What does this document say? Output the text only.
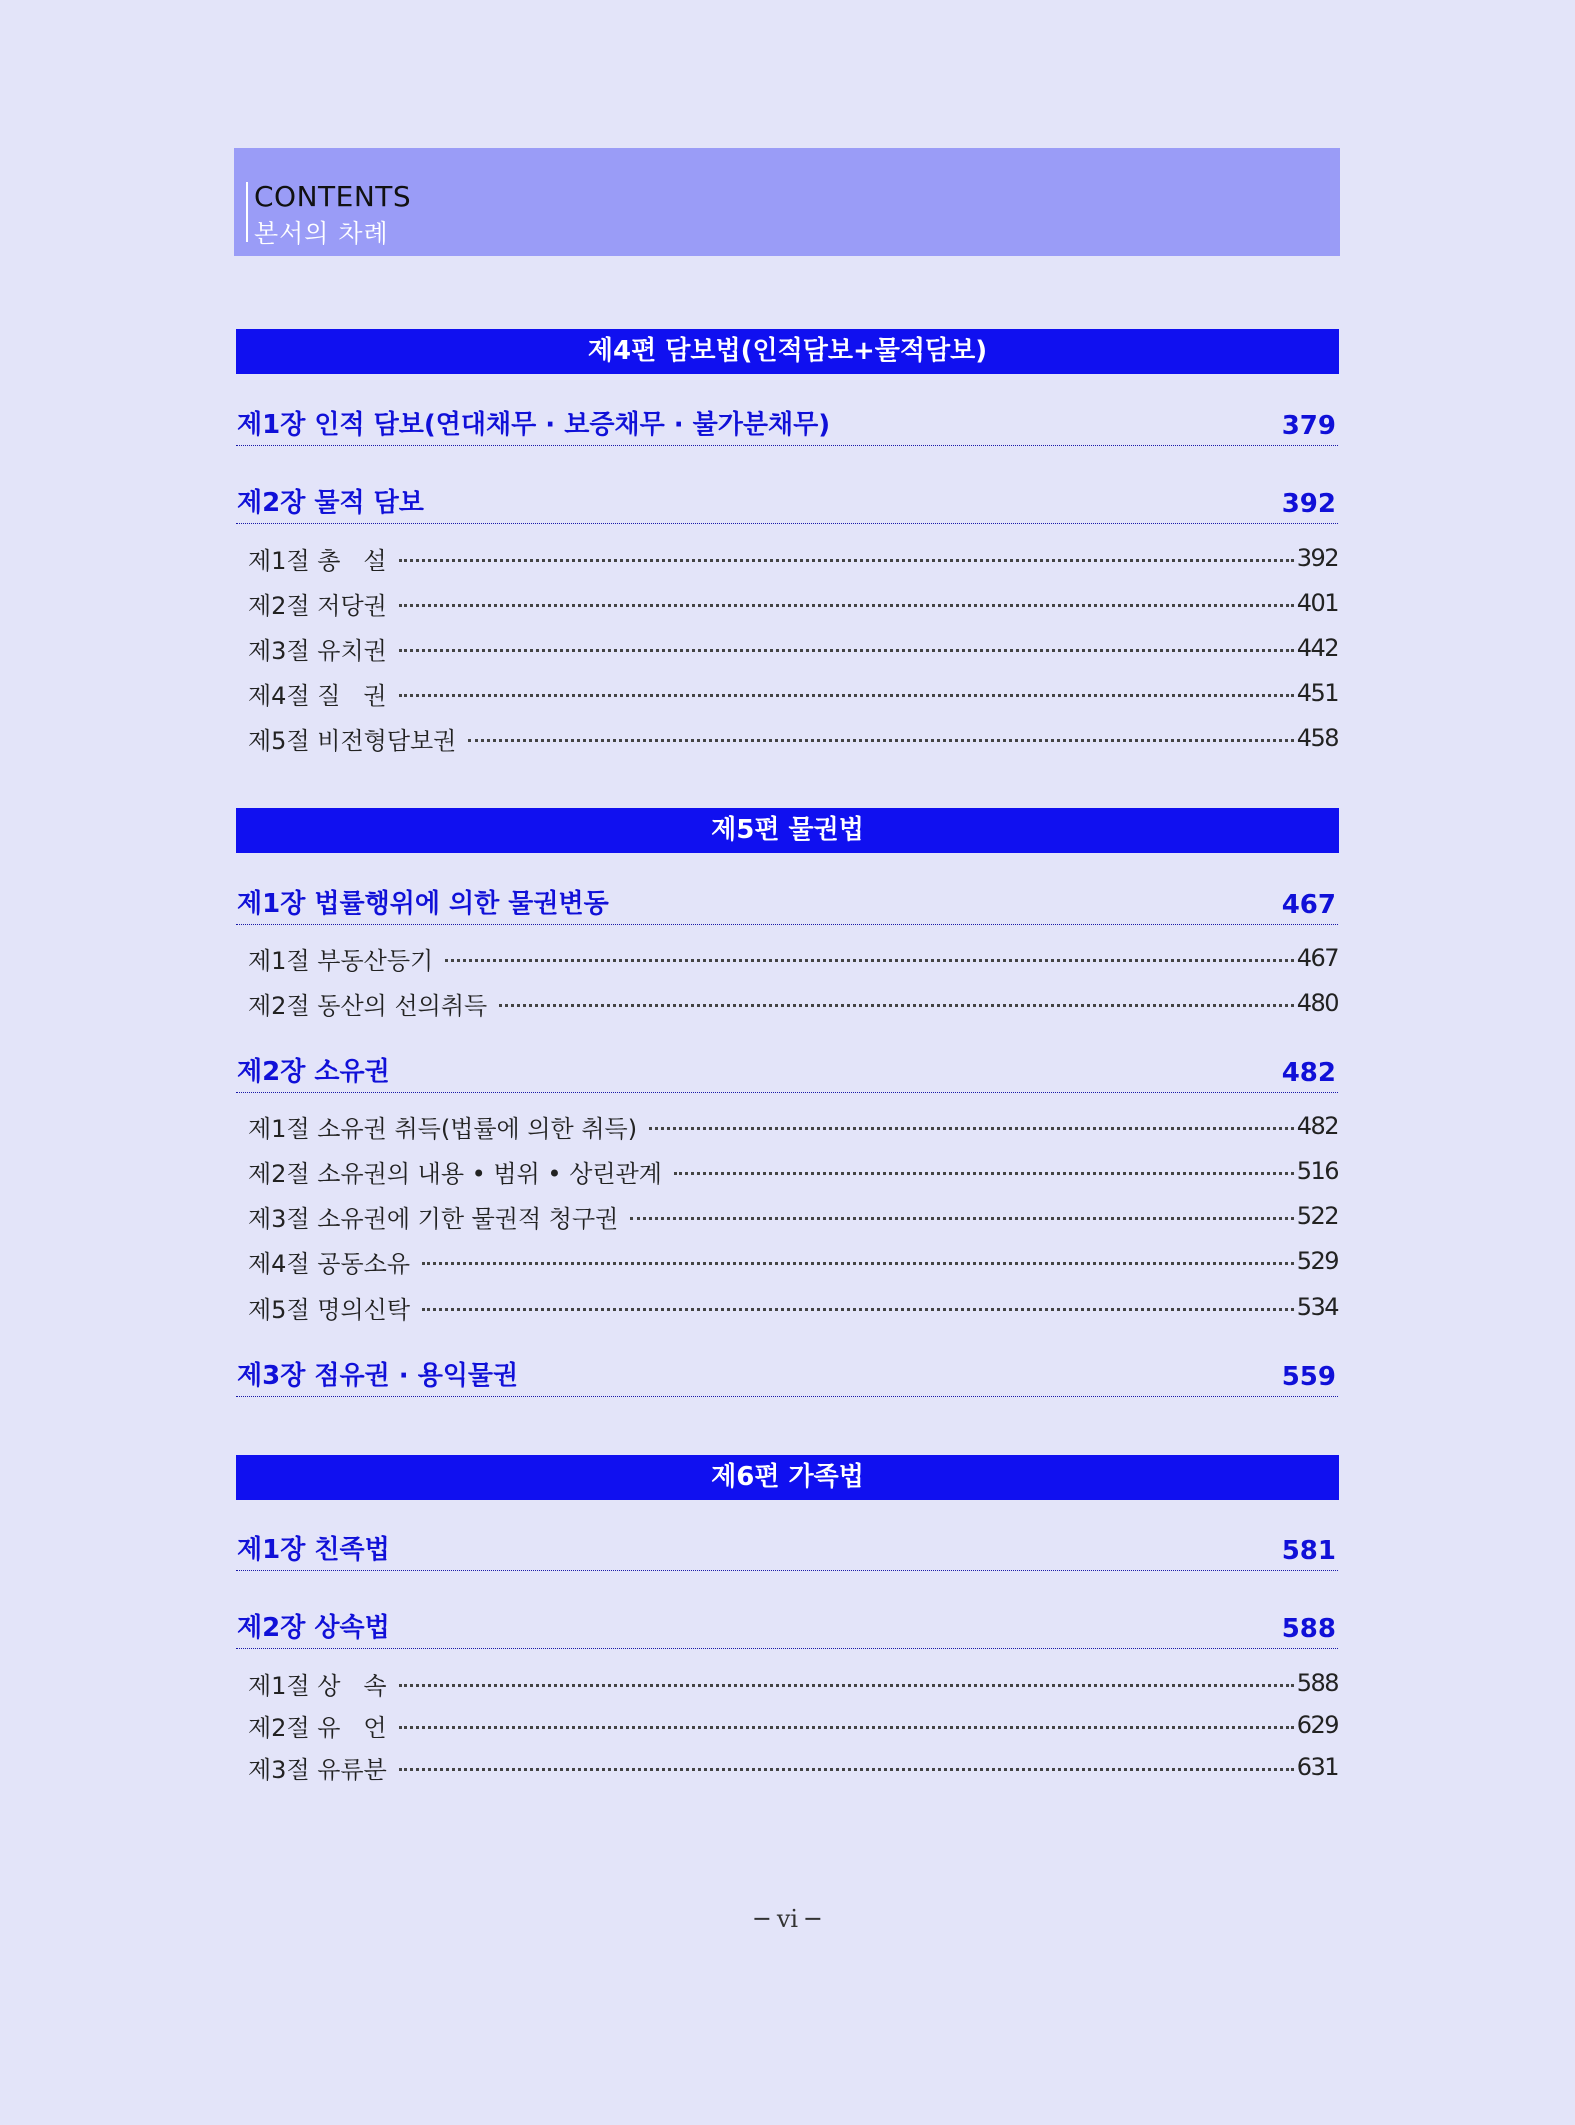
CONTENTS
본서의 차례
제4편 담보법(인적담보+물적담보)
제1장 인적 담보(연대채무 · 보증채무 · 불가분채무)	379
제2장 물적 담보	392
제1절 총   설	392
제2절 저당권	401
제3절 유치권	442
제4절 질   권	451
제5절 비전형담보권	458
제5편 물권법
제1장 법률행위에 의한 물권변동	467
제1절 부동산등기	467
제2절 동산의 선의취득	480
제2장 소유권	482
제1절 소유권 취득(법률에 의한 취득)	482
제2절 소유권의 내용 • 범위 • 상린관계	516
제3절 소유권에 기한 물권적 청구권	522
제4절 공동소유	529
제5절 명의신탁	534
제3장 점유권 · 용익물권	559
제6편 가족법
제1장 친족법	581
제2장 상속법	588
제1절 상   속	588
제2절 유   언	629
제3절 유류분	631
─ vi ─
